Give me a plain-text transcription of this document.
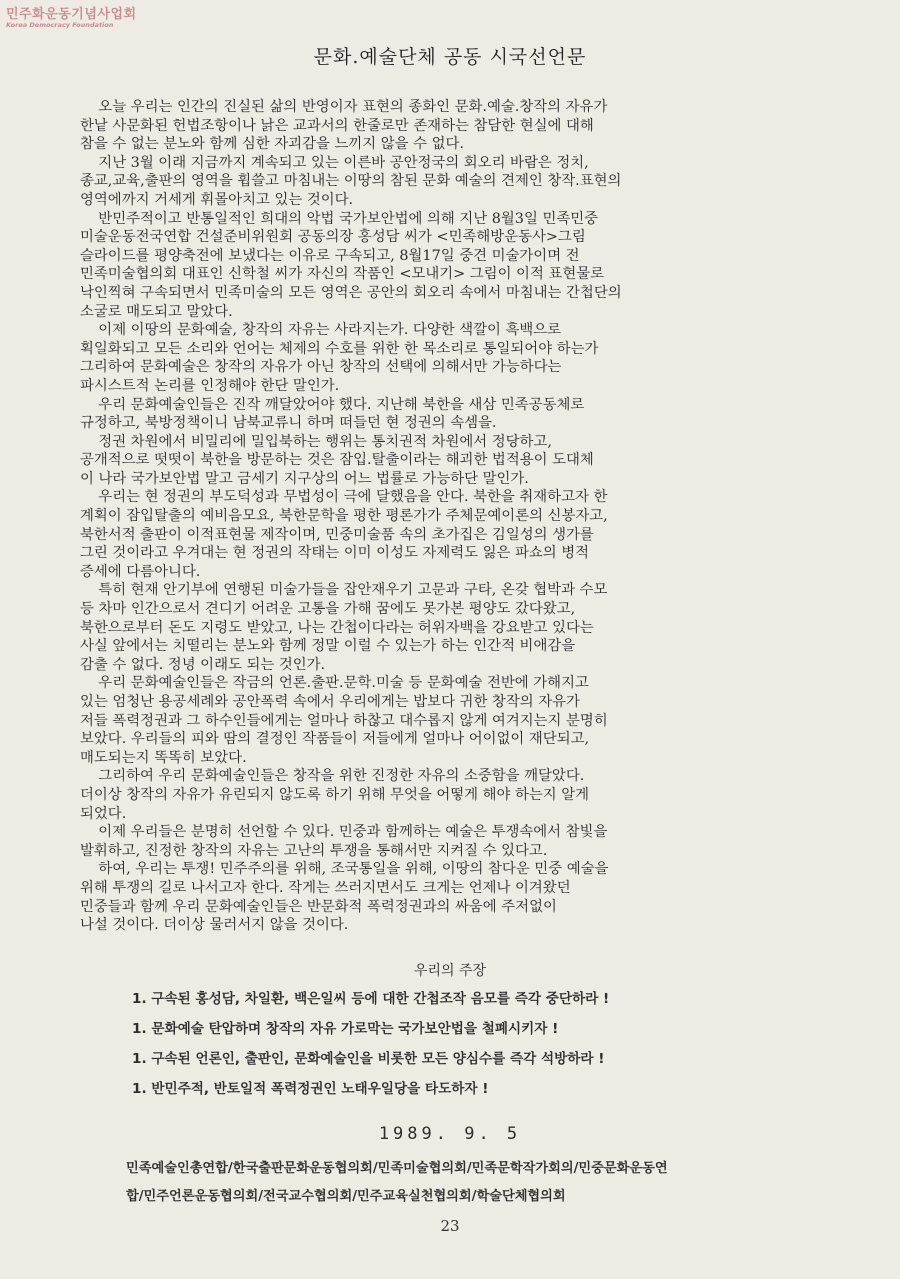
민주화운동기념사업회
Korea Democracy Foundation
문화.예술단체 공동 시국선언문

오늘 우리는 인간의 진실된 삶의 반영이자 표현의 종화인 문화.예술.창작의 자유가

한낱 사문화된 헌법조항이나 낡은 교과서의 한줄로만 존재하는 참담한 현실에 대해

참을 수 없는 분노와 함께 심한 자괴감을 느끼지 않을 수 없다.

지난 3월 이래 지금까지 계속되고 있는 이른바 공안정국의 회오리 바람은 정치,

종교,교육,출판의 영역을 휩쓸고 마침내는 이땅의 참된 문화 예술의 견제인 창작.표현의

영역에까지 거세게 휘몰아치고 있는 것이다.

반민주적이고 반통일적인 희대의 악법 국가보안법에 의해 지난 8월3일 민족민중

미술운동전국연합 건설준비위원회 공동의장 홍성담 씨가 <민족해방운동사>그림

슬라이드를 평양축전에 보냈다는 이유로 구속되고, 8월17일 중견 미술가이며 전

민족미술협의회 대표인 신학철 씨가 자신의 작품인 <모내기> 그림이 이적 표현물로

낙인찍혀 구속되면서 민족미술의 모든 영역은 공안의 회오리 속에서 마침내는 간첩단의

소굴로 매도되고 말았다.

이제 이땅의 문화예술, 창작의 자유는 사라지는가. 다양한 색깔이 흑백으로

획일화되고 모든 소리와 언어는 체제의 수호를 위한 한 목소리로 통일되어야 하는가

그리하여 문화예술은 창작의 자유가 아닌 창작의 선택에 의해서만 가능하다는

파시스트적 논리를 인정해야 한단 말인가.

우리 문화예술인들은 진작 깨달았어야 했다. 지난해 북한을 새삼 민족공동체로

규정하고, 북방정책이니 남북교류니 하며 떠들던 현 정권의 속셈을.

정권 차원에서 비밀리에 밀입북하는 행위는 통치권적 차원에서 정당하고,

공개적으로 떳떳이 북한을 방문하는 것은 잠입.탈출이라는 해괴한 법적용이 도대체

이 나라 국가보안법 말고 금세기 지구상의 어느 법률로 가능하단 말인가.

우리는 현 정권의 부도덕성과 무법성이 극에 달했음을 안다. 북한을 취재하고자 한

계획이 잠입탈출의 예비음모요, 북한문학을 평한 평론가가 주체문예이론의 신봉자고,

북한서적 출판이 이적표현물 제작이며, 민중미술품 속의 초가집은 김일성의 생가를

그린 것이라고 우겨대는 현 정권의 작태는 이미 이성도 자제력도 잃은 파쇼의 병적

증세에 다름아니다.

특히 현재 안기부에 연행된 미술가들을 잡안재우기 고문과 구타, 온갖 협박과 수모

등 차마 인간으로서 견디기 어려운 고통을 가해 꿈에도 못가본 평양도 갔다왔고,

북한으로부터 돈도 지령도 받았고, 나는 간첩이다라는 허위자백을 강요받고 있다는

사실 앞에서는 치떨리는 분노와 함께 정말 이럴 수 있는가 하는 인간적 비애감을

감출 수 없다. 정녕 이래도 되는 것인가.

우리 문화예술인들은 작금의 언론.출판.문학.미술 등 문화예술 전반에 가해지고

있는 엄청난 용공세례와 공안폭력 속에서 우리에게는 밥보다 귀한 창작의 자유가

저들 폭력정권과 그 하수인들에게는 얼마나 하찮고 대수롭지 않게 여겨지는지 분명히

보았다. 우리들의 피와 땀의 결정인 작품들이 저들에게 얼마나 어이없이 재단되고,

매도되는지 똑똑히 보았다.

그리하여 우리 문화예술인들은 창작을 위한 진정한 자유의 소중함을 깨달았다.

더이상 창작의 자유가 유린되지 않도록 하기 위해 무엇을 어떻게 해야 하는지 알게

되었다.

이제 우리들은 분명히 선언할 수 있다. 민중과 함께하는 예술은 투쟁속에서 참빛을

발휘하고, 진정한 창작의 자유는 고난의 투쟁을 통해서만 지켜질 수 있다고.

하여, 우리는 투쟁! 민주주의를 위해, 조국통일을 위해, 이땅의 참다운 민중 예술을

위해 투쟁의 길로 나서고자 한다. 작게는 쓰러지면서도 크게는 언제나 이겨왔던

민중들과 함께 우리 문화예술인들은 반문화적 폭력정권과의 싸움에 주저없이

나설 것이다. 더이상 물러서지 않을 것이다.

우리의 주장
1. 구속된 홍성담, 차일환, 백은일씨 등에 대한 간첩조작 음모를 즉각 중단하라 !
1. 문화예술 탄압하며 창작의 자유 가로막는 국가보안법을 철폐시키자 !
1. 구속된 언론인, 출판인, 문화예술인을 비롯한 모든 양심수를 즉각 석방하라 !
1. 반민주적, 반토일적 폭력정권인 노태우일당을 타도하자 !
1989. 9. 5
민족예술인총연합/한국출판문화운동협의회/민족미술협의회/민족문학작가회의/민중문화운동연
합/민주언론운동협의회/전국교수협의회/민주교육실천협의회/학술단체협의회
23
